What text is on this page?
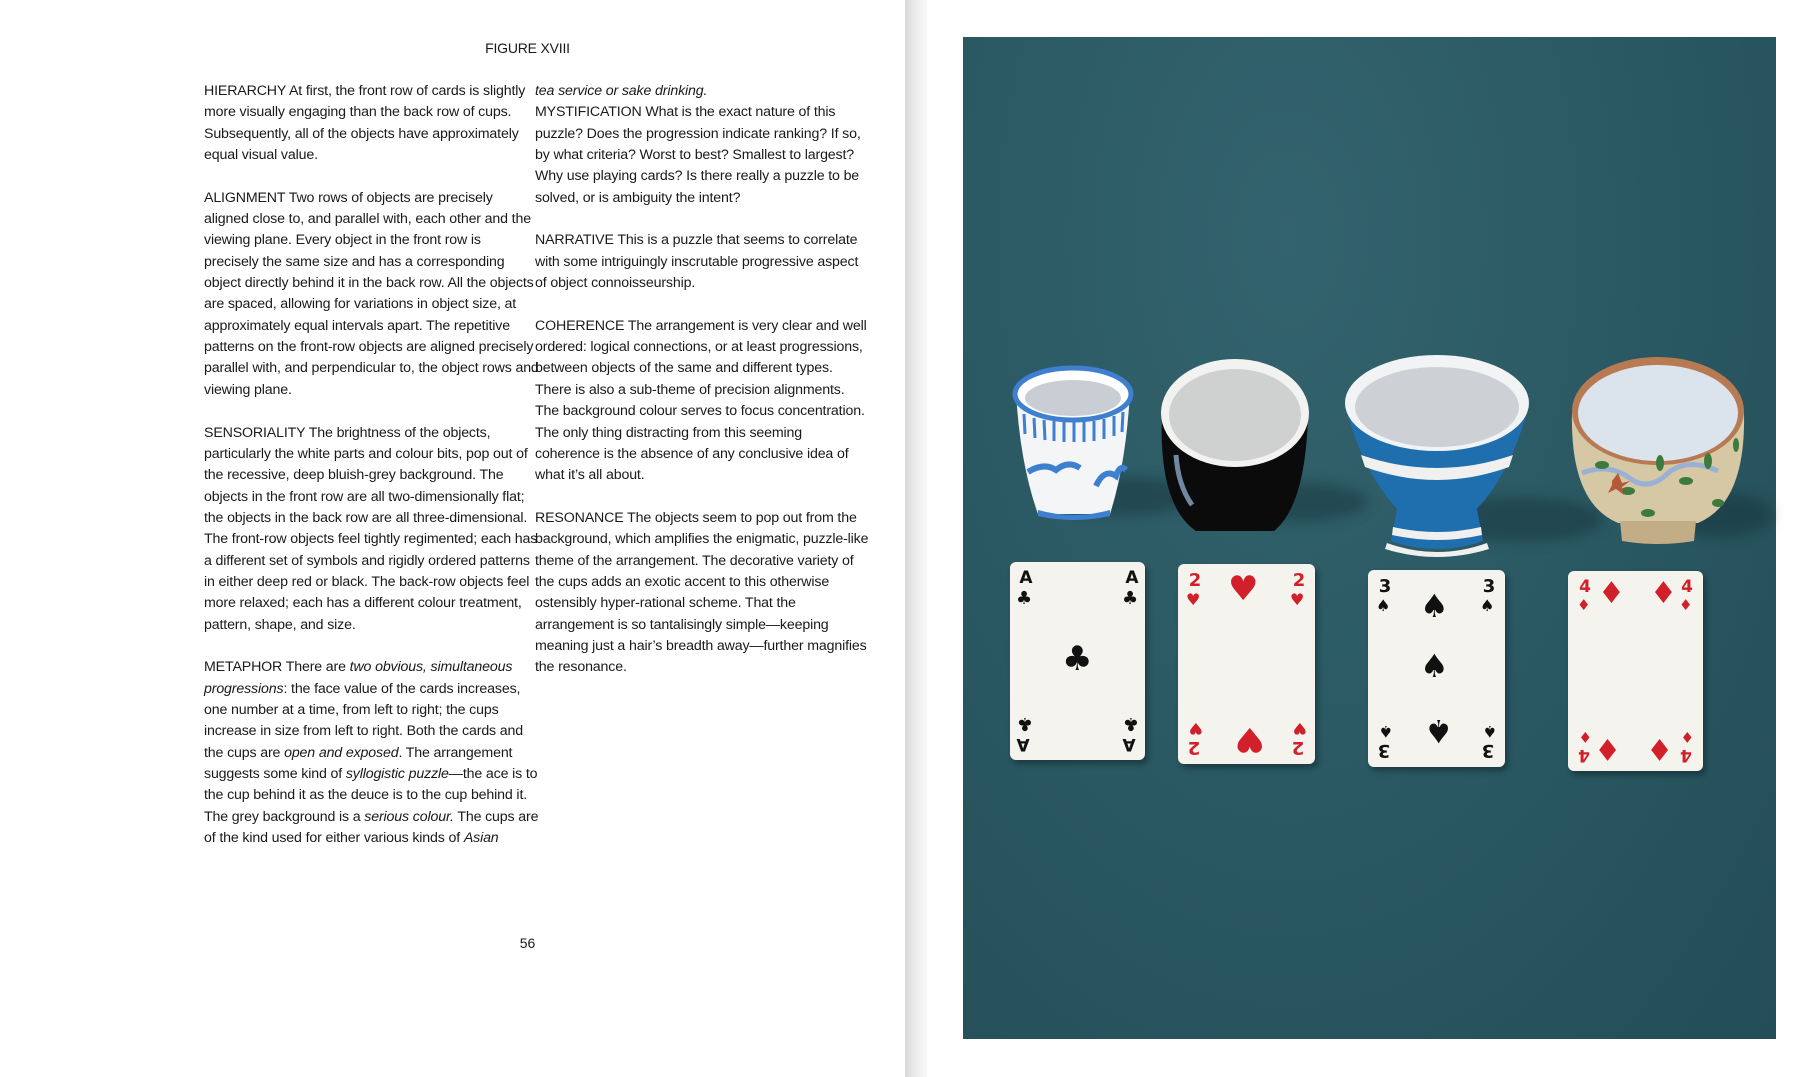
FIGURE XVIII

HIERARCHY At first, the front row of cards is slightly more visually engaging than the back row of cups. Subsequently, all of the objects have approximately equal visual value.

ALIGNMENT Two rows of objects are precisely aligned close to, and parallel with, each other and the viewing plane. Every object in the front row is precisely the same size and has a corresponding object directly behind it in the back row. All the objects are spaced, allowing for variations in object size, at approximately equal intervals apart. The repetitive patterns on the front-row objects are aligned precisely parallel with, and perpendicular to, the object rows and viewing plane.

SENSORIALITY The brightness of the objects, particularly the white parts and colour bits, pop out of the recessive, deep bluish-grey background. The objects in the front row are all two-dimensionally flat; the objects in the back row are all three-dimensional. The front-row objects feel tightly regimented; each has a different set of symbols and rigidly ordered patterns in either deep red or black. The back-row objects feel more relaxed; each has a different colour treatment, pattern, shape, and size.

METAPHOR There are two obvious, simultaneous progressions: the face value of the cards increases, one number at a time, from left to right; the cups increase in size from left to right. Both the cards and the cups are open and exposed. The arrangement suggests some kind of syllogistic puzzle—the ace is to the cup behind it as the deuce is to the cup behind it. The grey background is a serious colour. The cups are of the kind used for either various kinds of Asian

tea service or sake drinking.

MYSTIFICATION What is the exact nature of this puzzle? Does the progression indicate ranking? If so, by what criteria? Worst to best? Smallest to largest? Why use playing cards? Is there really a puzzle to be solved, or is ambiguity the intent?

NARRATIVE This is a puzzle that seems to correlate with some intriguingly inscrutable progressive aspect of object connoisseurship.

COHERENCE The arrangement is very clear and well ordered: logical connections, or at least progressions, between objects of the same and different types. There is also a sub-theme of precision alignments. The background colour serves to focus concentration. The only thing distracting from this seeming coherence is the absence of any conclusive idea of what it’s all about.

RESONANCE The objects seem to pop out from the background, which amplifies the enigmatic, puzzle-like theme of the arrangement. The decorative variety of the cups adds an exotic accent to this otherwise ostensibly hyper-rational scheme. That the arrangement is so tantalisingly simple—keeping meaning just a hair’s breadth away—further magnifies the resonance.

56
A
♣
A
♣
♣
A
♣
A
♣
2
♥
2
♥
♥
2
♥
2
♥ ♥
3
♠
3
♠
♠
♠
3
♠
3
♠ ♠
4
♦
4
♦
♦ ♦
4
♦
4
♦ ♦
♦
